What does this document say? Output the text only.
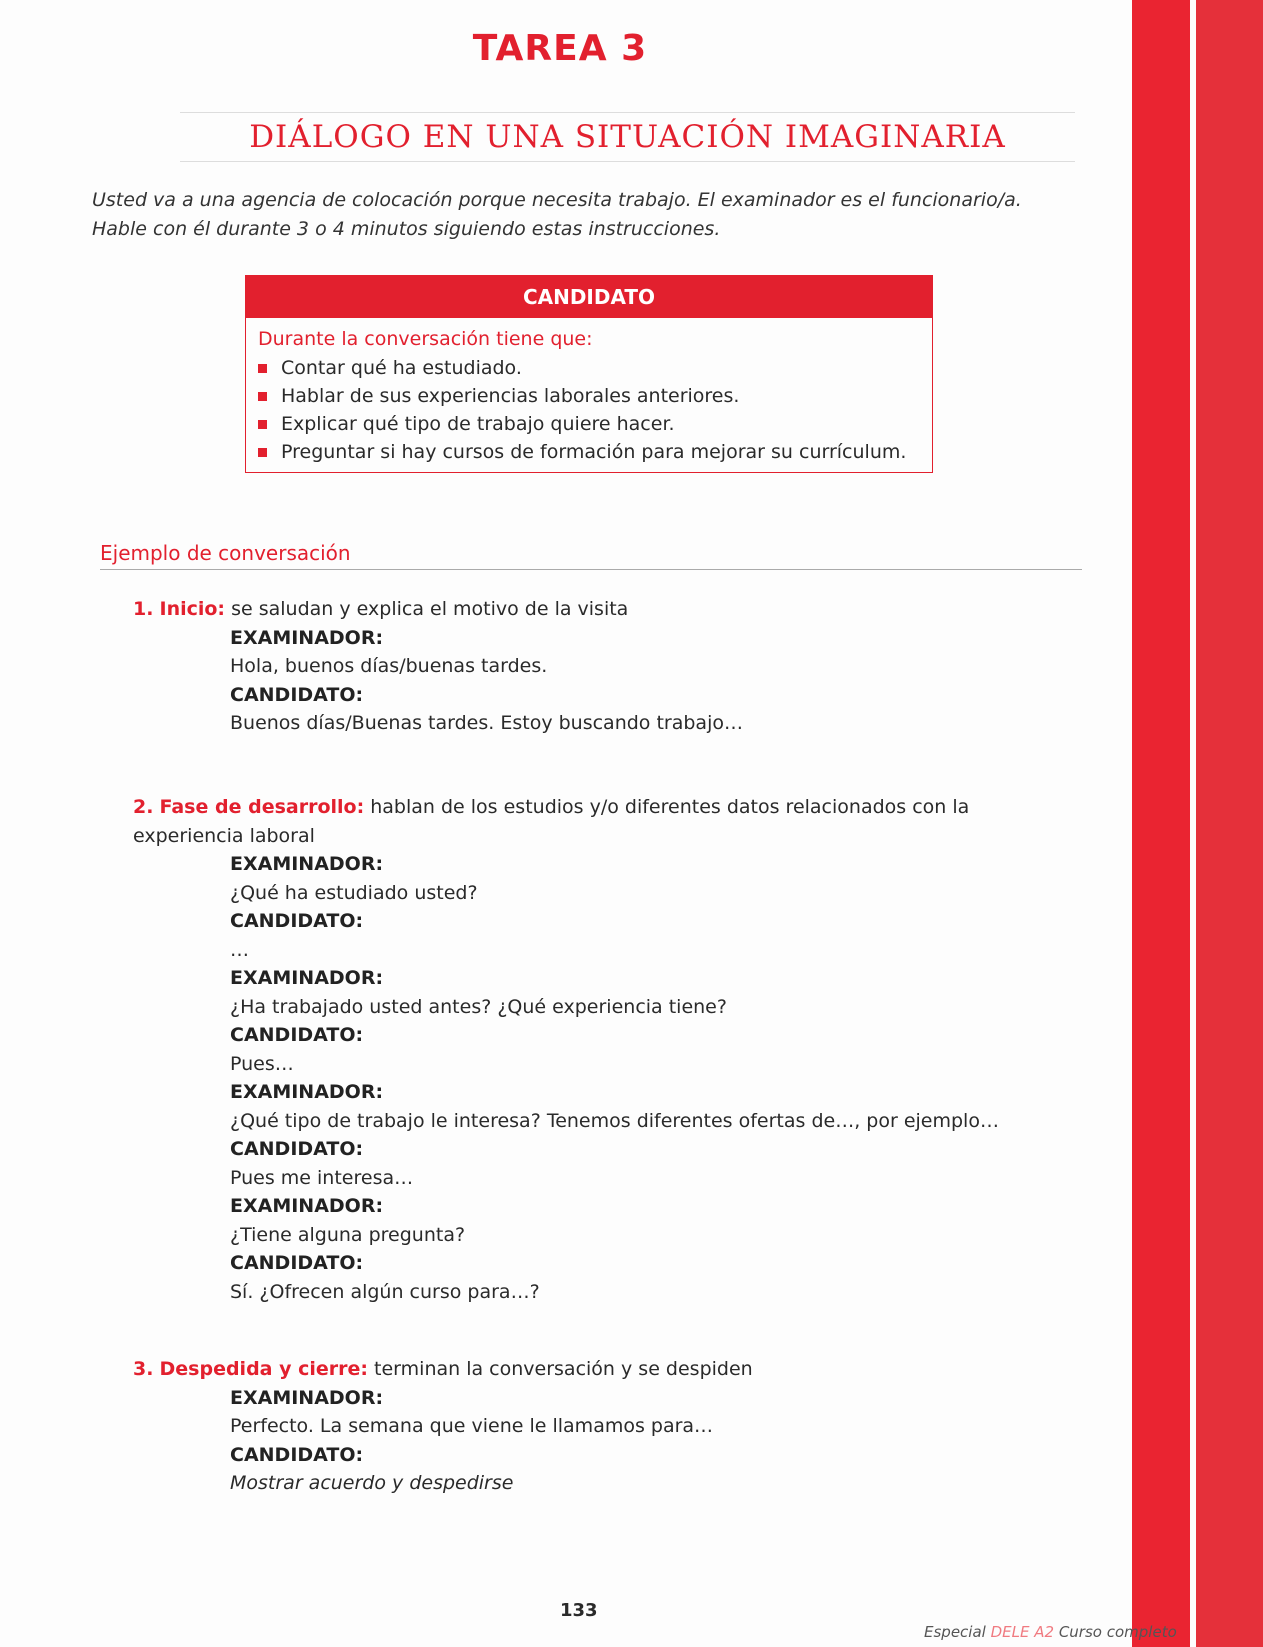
TAREA 3
DIÁLOGO EN UNA SITUACIÓN IMAGINARIA
Usted va a una agencia de colocación porque necesita trabajo. El examinador es el funcionario/a.
Hable con él durante 3 o 4 minutos siguiendo estas instrucciones.
CANDIDATO
Durante la conversación tiene que:
Contar qué ha estudiado.
Hablar de sus experiencias laborales anteriores.
Explicar qué tipo de trabajo quiere hacer.
Preguntar si hay cursos de formación para mejorar su currículum.
Ejemplo de conversación
1. Inicio: se saludan y explica el motivo de la visita
EXAMINADOR:
Hola, buenos días/buenas tardes.
CANDIDATO:
Buenos días/Buenas tardes. Estoy buscando trabajo…
2. Fase de desarrollo: hablan de los estudios y/o diferentes datos relacionados con la experiencia laboral
EXAMINADOR:
¿Qué ha estudiado usted?
CANDIDATO:
…
EXAMINADOR:
¿Ha trabajado usted antes? ¿Qué experiencia tiene?
CANDIDATO:
Pues…
EXAMINADOR:
¿Qué tipo de trabajo le interesa? Tenemos diferentes ofertas de…, por ejemplo…
CANDIDATO:
Pues me interesa…
EXAMINADOR:
¿Tiene alguna pregunta?
CANDIDATO:
Sí. ¿Ofrecen algún curso para…?
3. Despedida y cierre: terminan la conversación y se despiden
EXAMINADOR:
Perfecto. La semana que viene le llamamos para…
CANDIDATO:
Mostrar acuerdo y despedirse
133
Especial DELE A2 Curso completo
